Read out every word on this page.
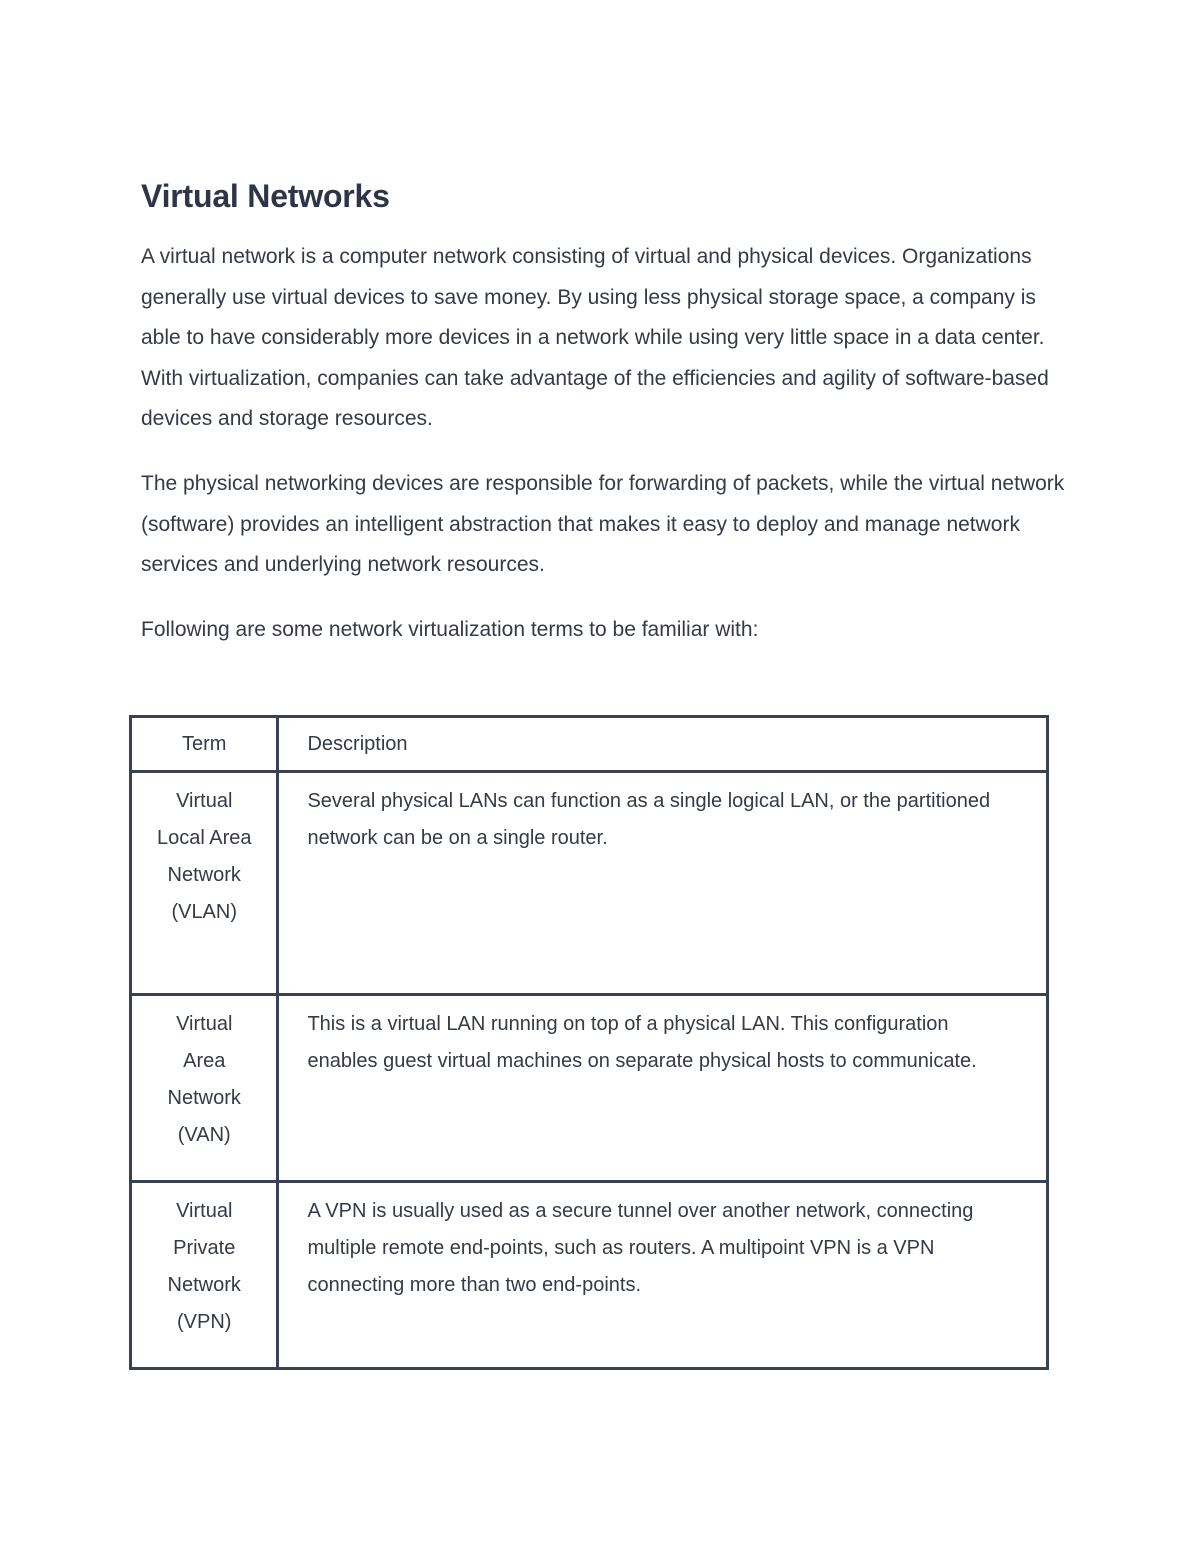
Virtual Networks

A virtual network is a computer network consisting of virtual and physical devices. Organizations generally use virtual devices to save money. By using less physical storage space, a company is able to have considerably more devices in a network while using very little space in a data center. With virtualization, companies can take advantage of the efficiencies and agility of software-based devices and storage resources.

The physical networking devices are responsible for forwarding of packets, while the virtual network (software) provides an intelligent abstraction that makes it easy to deploy and manage network services and underlying network resources.

Following are some network virtualization terms to be familiar with:

Term	Description
Virtual Local Area Network (VLAN)	Several physical LANs can function as a single logical LAN, or the partitioned network can be on a single router.
Virtual Area Network (VAN)	This is a virtual LAN running on top of a physical LAN. This configuration enables guest virtual machines on separate physical hosts to communicate.
Virtual Private Network (VPN)	A VPN is usually used as a secure tunnel over another network, connecting multiple remote end-points, such as routers. A multipoint VPN is a VPN connecting more than two end-points.
